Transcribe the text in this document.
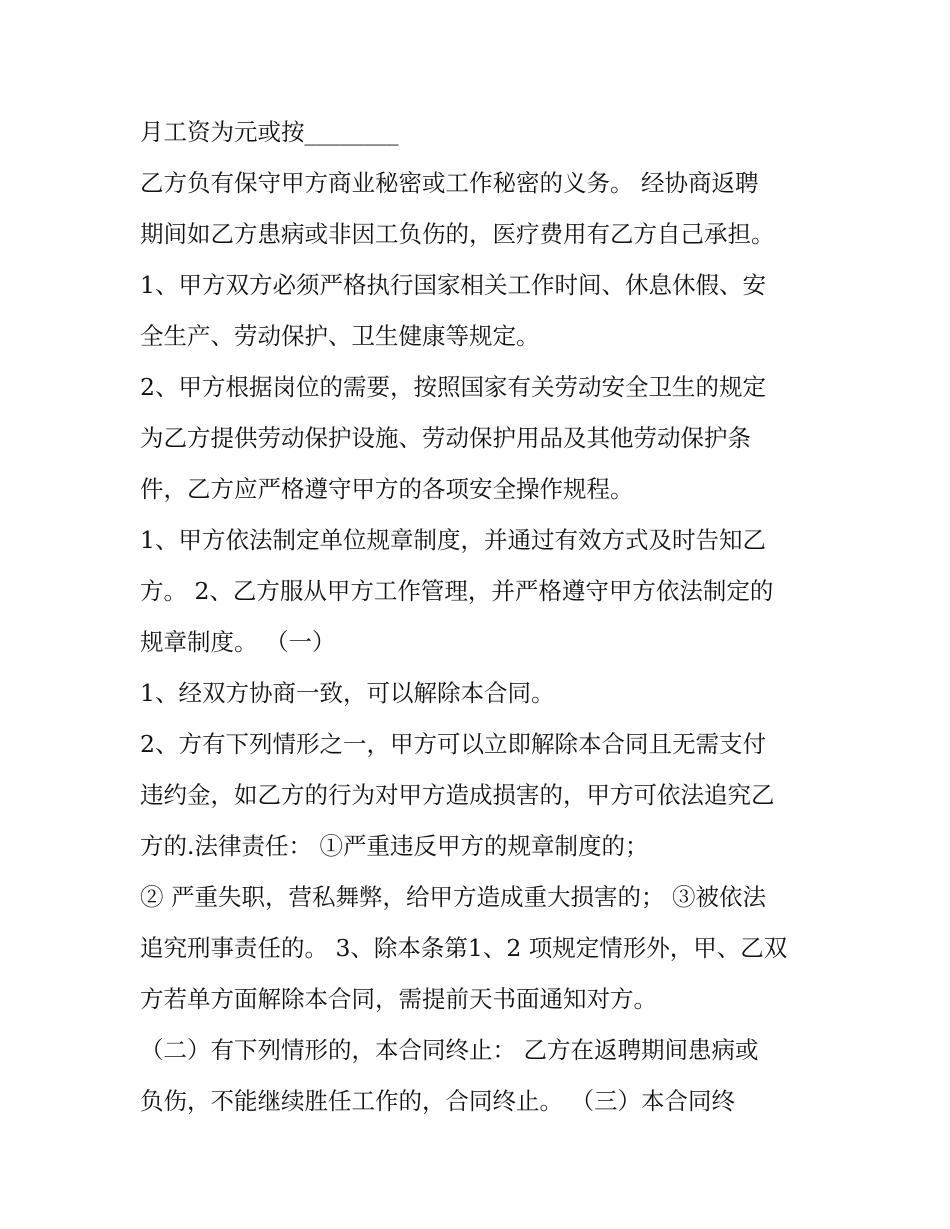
月工资为元或按________
乙方负有保守甲方商业秘密或工作秘密的义务。 经协商返聘
期间如乙方患病或非因工负伤的，医疗费用有乙方自己承担。
1、甲方双方必须严格执行国家相关工作时间、休息休假、安
全生产、劳动保护、卫生健康等规定。
2、甲方根据岗位的需要，按照国家有关劳动安全卫生的规定
为乙方提供劳动保护设施、劳动保护用品及其他劳动保护条
件，乙方应严格遵守甲方的各项安全操作规程。
1、甲方依法制定单位规章制度，并通过有效方式及时告知乙
方。 2、乙方服从甲方工作管理，并严格遵守甲方依法制定的
规章制度。 （一）
1、经双方协商一致，可以解除本合同。
2、方有下列情形之一，甲方可以立即解除本合同且无需支付
违约金，如乙方的行为对甲方造成损害的，甲方可依法追究乙
方的.法律责任： ①严重违反甲方的规章制度的；
② 严重失职，营私舞弊，给甲方造成重大损害的； ③被依法
追究刑事责任的。 3、除本条第1、2 项规定情形外，甲、乙双
方若单方面解除本合同，需提前天书面通知对方。
（二）有下列情形的，本合同终止： 乙方在返聘期间患病或
负伤，不能继续胜任工作的，合同终止。 （三）本合同终
